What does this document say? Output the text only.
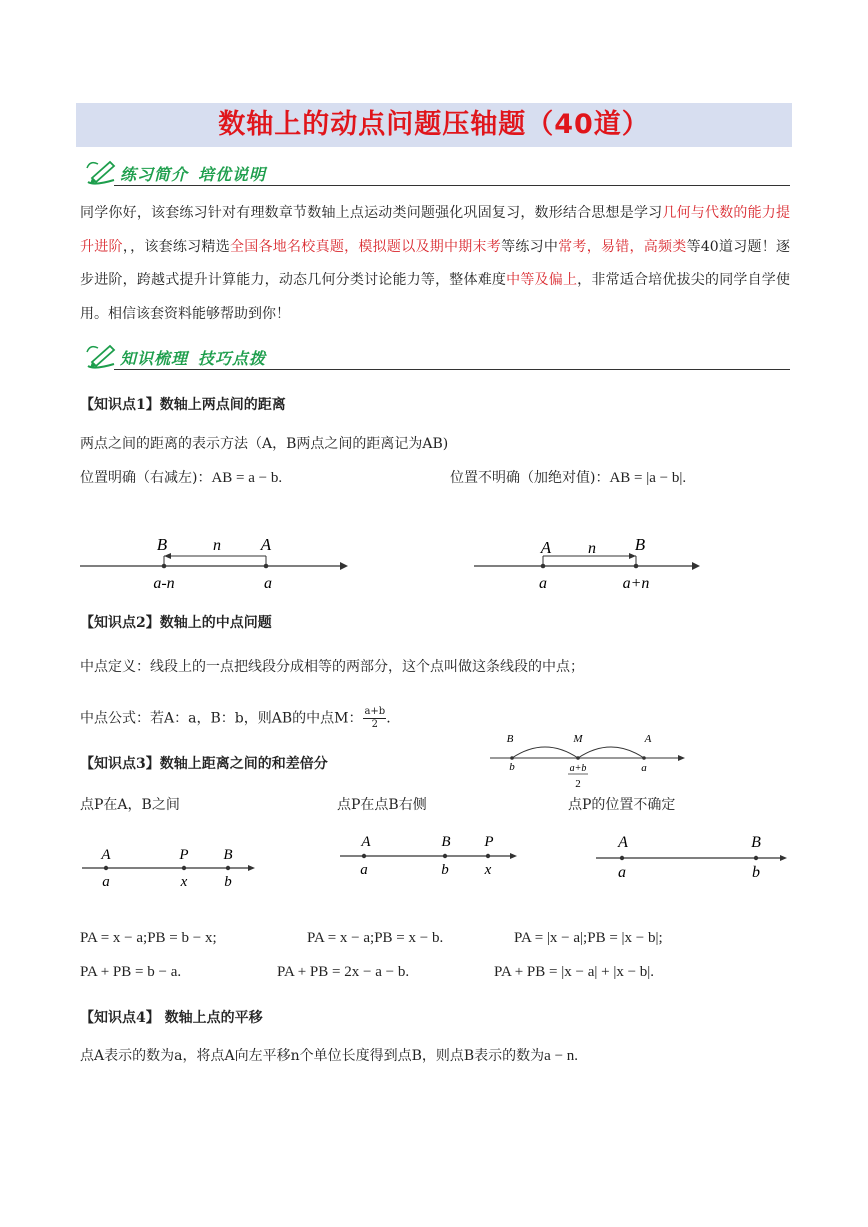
数轴上的动点问题压轴题（40道）
练习简介 培优说明
同学你好，该套练习针对有理数章节数轴上点运动类问题强化巩固复习，数形结合思想是学习几何与代数的能力提升进阶，，该套练习精选全国各地名校真题，模拟题以及期中期末考等练习中常考，易错，高频类等40道习题！逐步进阶，跨越式提升计算能力，动态几何分类讨论能力等，整体难度中等及偏上，非常适合培优拔尖的同学自学使用。相信该套资料能够帮助到你！
知识梳理 技巧点拨
【知识点1】数轴上两点间的距离
两点之间的距离的表示方法（A，B两点之间的距离记为AB)
位置明确（右减左)：AB = a − b.	位置不明确（加绝对值)：AB = |a − b|.
B	n A
a-n	a
A n B
a	a+n
【知识点2】数轴上的中点问题
中点定义：线段上的一点把线段分成相等的两部分，这个点叫做这条线段的中点；
中点公式：若A：a，B：b，则AB的中点M： $\frac{a+b}{2}$ .
B	M	A
b	a+b
2
a
【知识点3】数轴上距离之间的和差倍分
点P在A，B之间	点P在点B右侧	点P的位置不确定
A	P B
a	x b
A	B P
a	b x
A	B
a	b
PA = x − a;PB = b − x;	PA = x − a;PB = x − b.	PA = |x − a|;PB = |x − b|;
PA + PB = b − a.	PA + PB = 2x − a − b.	PA + PB = |x − a| + |x − b|.
【知识点4】 数轴上点的平移
点A表示的数为a，将点A向左平移n个单位长度得到点B，则点B表示的数为a − n.
